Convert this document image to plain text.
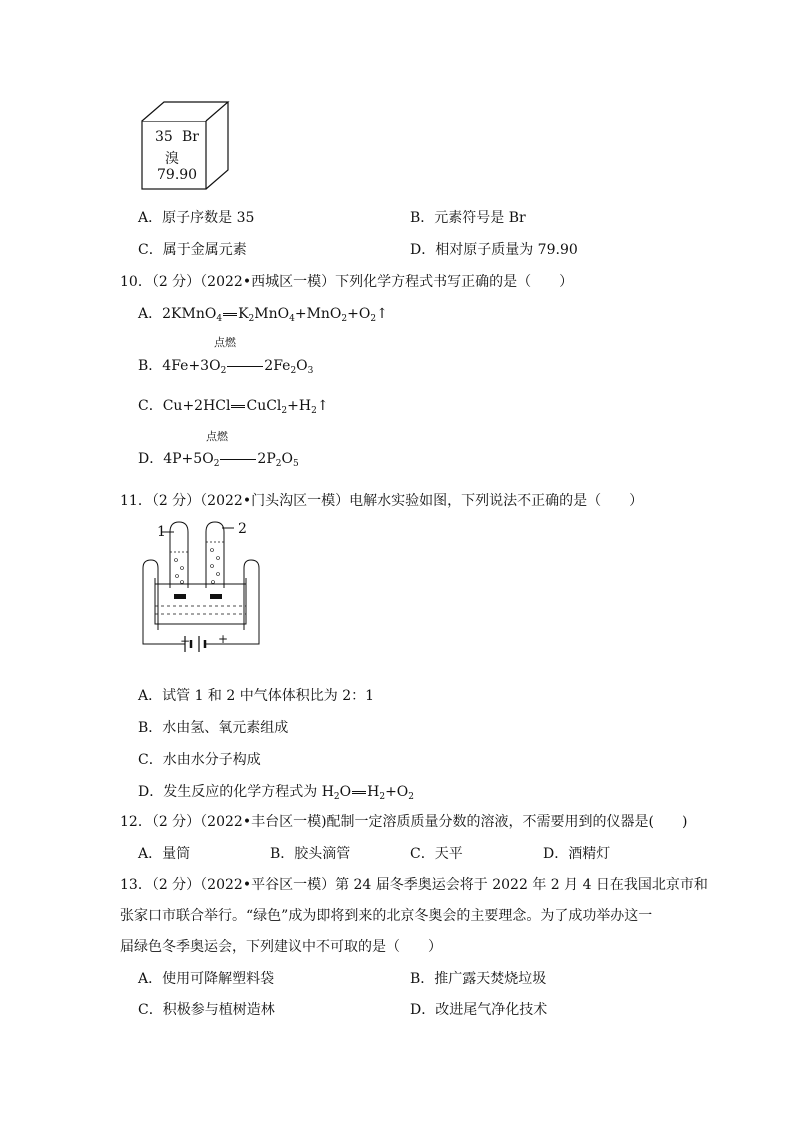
35 Br
溴
79.90
A．原子序数是 35	B．元素符号是 Br
C．属于金属元素	D．相对原子质量为 79.90
10．（2 分）（2022•西城区一模）下列化学方程式书写正确的是（　　）
A．2KMnO$_4$ $K_2MnO_4+MnO_2+O_2↑$
点燃
B．$4Fe+3O_2$	$2Fe_2O_3$
C．Cu+2HCl $CuCl_2+H_2↑$
点燃
D．$4P+5O_2$	$2P_2O_5$
11．（2 分）（2022•门头沟区一模）电解水实验如图，下列说法不正确的是（　　）
1	2
− +
A．试管 1 和 2 中气体体积比为 2：1
B．水由氢、氧元素组成
C．水由水分子构成
D．发生反应的化学方程式为 $H_2O$ $H_2+O_2$
12．（2 分）（2022•丰台区一模)配制一定溶质质量分数的溶液，不需要用到的仪器是(　　)
A．量筒	B．胶头滴管	C．天平	D．酒精灯
13．（2 分）（2022•平谷区一模）第 24 届冬季奥运会将于 2022 年 2 月 4 日在我国北京市和
张家口市联合举行。“绿色”成为即将到来的北京冬奥会的主要理念。为了成功举办这一
届绿色冬季奥运会，下列建议中不可取的是（　　）
A．使用可降解塑料袋	B．推广露天焚烧垃圾
C．积极参与植树造林	D．改进尾气净化技术
